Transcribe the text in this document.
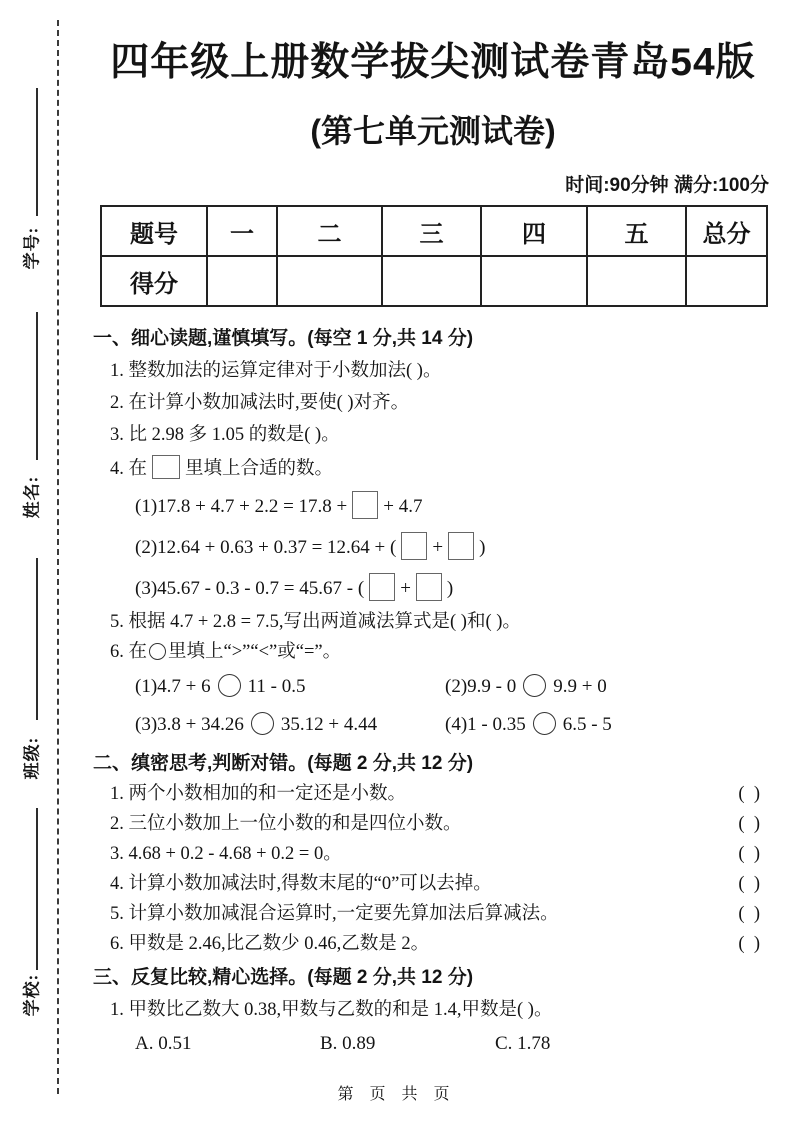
学号:
姓名:
班级:
学校:
四年级上册数学拔尖测试卷青岛54版
(第七单元测试卷)
时间:90分钟 满分:100分
题号	一	二	三	四	五	总分
得分						
一、细心读题,谨慎填写。(每空 1 分,共 14 分)
1. 整数加法的运算定律对于小数加法( )。
2. 在计算小数加减法时,要使( )对齐。
3. 比 2.98 多 1.05 的数是( )。
4. 在 里填上合适的数。
(1)17.8 + 4.7 + 2.2 = 17.8 + + 4.7
(2)12.64 + 0.63 + 0.37 = 12.64 + ( + )
(3)45.67 - 0.3 - 0.7 = 45.67 - ( + )
5. 根据 4.7 + 2.8 = 7.5,写出两道减法算式是( )和( )。
6. 在 里填上“>”“<”或“=”。
(1)4.7 + 6 11 - 0.5	(2)9.9 - 0 9.9 + 0
(3)3.8 + 34.26 35.12 + 4.44	(4)1 - 0.35 6.5 - 5
二、缜密思考,判断对错。(每题 2 分,共 12 分)
1. 两个小数相加的和一定还是小数。	(  )
2. 三位小数加上一位小数的和是四位小数。	(  )
3. 4.68 + 0.2 - 4.68 + 0.2 = 0。	(  )
4. 计算小数加减法时,得数末尾的“0”可以去掉。	(  )
5. 计算小数加减混合运算时,一定要先算加法后算减法。	(  )
6. 甲数是 2.46,比乙数少 0.46,乙数是 2。	(  )
三、反复比较,精心选择。(每题 2 分,共 12 分)
1. 甲数比乙数大 0.38,甲数与乙数的和是 1.4,甲数是( )。
A. 0.51	B. 0.89	C. 1.78
第 页 共 页
